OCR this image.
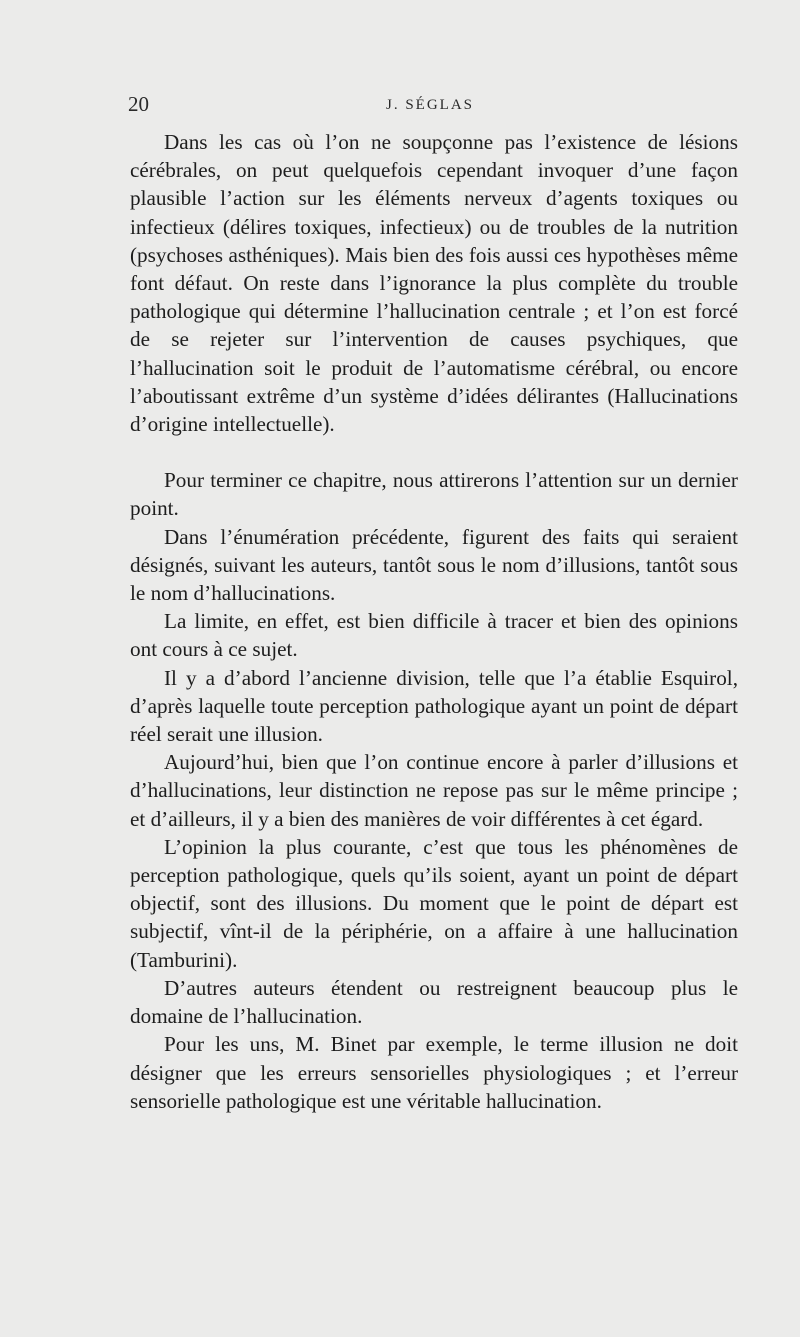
20	J. SÉGLAS

Dans les cas où l’on ne soupçonne pas l’existence de lésions cérébrales, on peut quelquefois cependant invoquer d’une façon plausible l’action sur les éléments nerveux d’agents toxiques ou infectieux (délires toxiques, infectieux) ou de troubles de la nutrition (psychoses asthéniques). Mais bien des fois aussi ces hypothèses même font défaut. On reste dans l’ignorance la plus complète du trouble pathologique qui détermine l’hallucination centrale ; et l’on est forcé de se rejeter sur l’intervention de causes psychiques, que l’hallucination soit le produit de l’automatisme cérébral, ou encore l’aboutissant extrême d’un système d’idées délirantes (Hallucinations d’origine intellectuelle).

Pour terminer ce chapitre, nous attirerons l’attention sur un dernier point.

Dans l’énumération précédente, figurent des faits qui seraient désignés, suivant les auteurs, tantôt sous le nom d’illusions, tantôt sous le nom d’hallucinations.

La limite, en effet, est bien difficile à tracer et bien des opinions ont cours à ce sujet.

Il y a d’abord l’ancienne division, telle que l’a établie Esquirol, d’après laquelle toute perception pathologique ayant un point de départ réel serait une illusion.

Aujourd’hui, bien que l’on continue encore à parler d’illusions et d’hallucinations, leur distinction ne repose pas sur le même principe ; et d’ailleurs, il y a bien des manières de voir différentes à cet égard.

L’opinion la plus courante, c’est que tous les phénomènes de perception pathologique, quels qu’ils soient, ayant un point de départ objectif, sont des illusions. Du moment que le point de départ est subjectif, vînt-il de la périphérie, on a affaire à une hallucination (Tamburini).

D’autres auteurs étendent ou restreignent beaucoup plus le domaine de l’hallucination.

Pour les uns, M. Binet par exemple, le terme illusion ne doit désigner que les erreurs sensorielles physiologiques ; et l’erreur sensorielle pathologique est une véritable hallucination.
